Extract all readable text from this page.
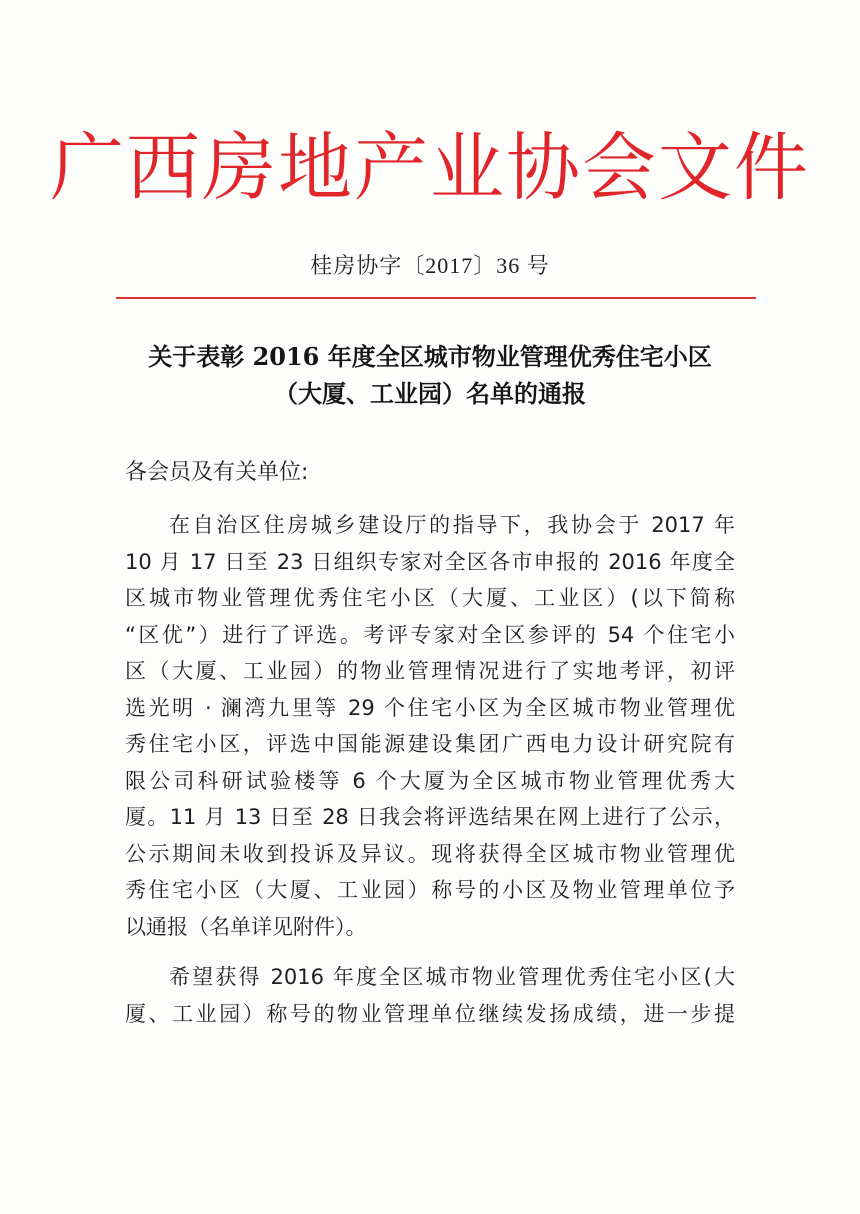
广西房地产业协会文件
桂房协字〔2017〕36 号
关于表彰 2016 年度全区城市物业管理优秀住宅小区
（大厦、工业园）名单的通报
各会员及有关单位:
在自治区住房城乡建设厅的指导下，我协会于 2017 年
10 月 17 日至 23 日组织专家对全区各市申报的 2016 年度全
区城市物业管理优秀住宅小区（大厦、工业区）(以下简称
“区优”）进行了评选。考评专家对全区参评的 54 个住宅小
区（大厦、工业园）的物业管理情况进行了实地考评，初评
选光明 · 澜湾九里等 29 个住宅小区为全区城市物业管理优
秀住宅小区，评选中国能源建设集团广西电力设计研究院有
限公司科研试验楼等 6 个大厦为全区城市物业管理优秀大
厦。11 月 13 日至 28 日我会将评选结果在网上进行了公示，
公示期间未收到投诉及异议。现将获得全区城市物业管理优
秀住宅小区（大厦、工业园）称号的小区及物业管理单位予
以通报（名单详见附件）。
希望获得 2016 年度全区城市物业管理优秀住宅小区(大
厦、工业园）称号的物业管理单位继续发扬成绩，进一步提
